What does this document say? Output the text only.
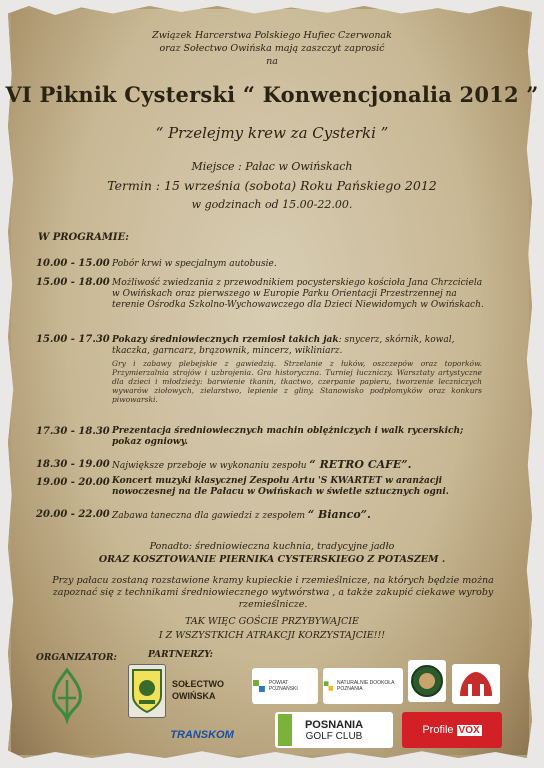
Związek Harcerstwa Polskiego Hufiec Czerwonak
oraz Sołectwo Owińska mają zaszczyt zaprosić
na
VI Piknik Cysterski “ Konwencjonalia 2012 ”
“ Przelejmy krew za Cysterki ”
Miejsce : Pałac w Owińskach
Termin : 15 września (sobota) Roku Pańskiego 2012
w godzinach od 15.00-22.00.
W PROGRAMIE:
10.00 - 15.00 Pobór krwi w specjalnym autobusie.
15.00 - 18.00 Możliwość zwiedzania z przewodnikiem pocysterskiego kościoła Jana Chrzciciela w Owińskach oraz pierwszego w Europie Parku Orientacji Przestrzennej na terenie Ośrodka Szkolno-Wychowawczego dla Dzieci Niewidomych w Owińskach.
15.00 - 17.30 Pokazy średniowiecznych rzemiosł takich jak: snycerz, skórnik, kowal, tkaczka, garncarz, brązownik, mincerz, wikliniarz.
Gry i zabawy plebejskie z gawiedzią. Strzelanie z łuków, oszczepów oraz toporków. Przymierzalnia strojów i uzbrojenia. Gra historyczna. Turniej łuczniczy. Warsztaty artystyczne dla dzieci i młodzieży: barwienie tkanin, tkactwo, czerpanie papieru, tworzenie leczniczych wywarów ziołowych, zielarstwo, lepienie z gliny. Stanowisko podpłomyków oraz konkurs piwowarski.
17.30 - 18.30 Prezentacja średniowiecznych machin oblężniczych i walk rycerskich; pokaz ogniowy.
18.30 - 19.00 Największe przeboje w wykonaniu zespołu “ RETRO CAFE”.
19.00 - 20.00 Koncert muzyki klasycznej Zespołu Artu 'S KWARTET w aranżacji nowoczesnej na tle Pałacu w Owińskach w świetle sztucznych ogni.
20.00 - 22.00 Zabawa taneczna dla gawiedzi z zespołem “ Bianco”.
Ponadto: średniowieczna kuchnia, tradycyjne jadło
ORAZ KOSZTOWANIE PIERNIKA CYSTERSKIEGO Z POTASZEM .
Przy pałacu zostaną rozstawione kramy kupieckie i rzemieślnicze, na których będzie można zapoznać się z technikami średniowiecznego wytwórstwa , a także zakupić ciekawe wyroby rzemieślnicze.
TAK WIĘC GOŚCIE PRZYBYWAJCIE
I Z WSZYSTKICH ATRAKCJI KORZYSTAJCIE!!!
ORGANIZATOR:	PARTNERZY:
SOŁECTWO OWIŃSKA
POWIAT POZNAŃSKI
NATURALNIE DOOKOŁA POZNANIA
TRANSKOM
POSNANIA
GOLF CLUB	Profile VOX
